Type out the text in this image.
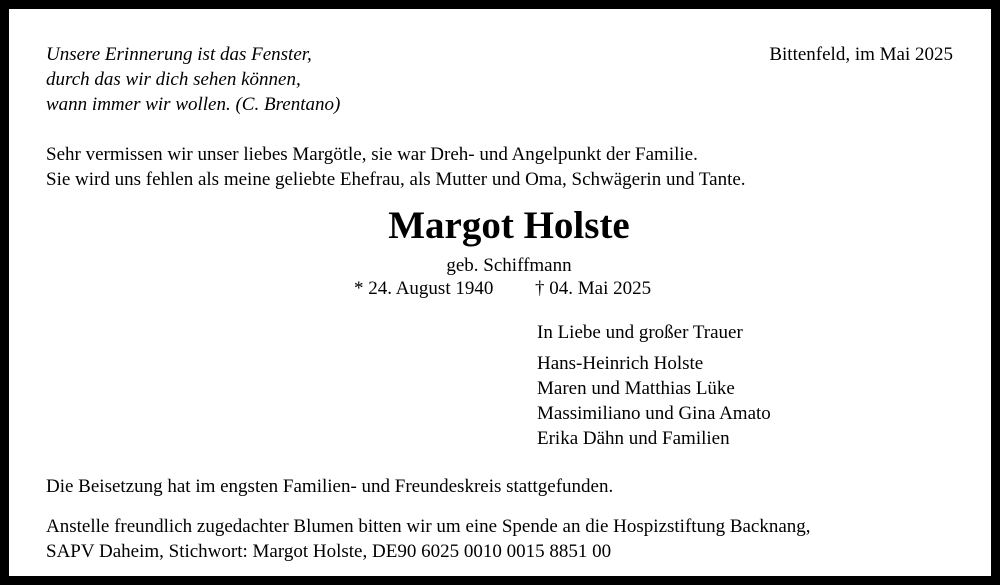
Unsere Erinnerung ist das Fenster,
durch das wir dich sehen können,
wann immer wir wollen. (C. Brentano)
Bittenfeld, im Mai 2025
Sehr vermissen wir unser liebes Margötle, sie war Dreh- und Angelpunkt der Familie.
Sie wird uns fehlen als meine geliebte Ehefrau, als Mutter und Oma, Schwägerin und Tante.
Margot Holste
geb. Schiffmann
* 24. August 1940 † 04. Mai 2025
In Liebe und großer Trauer
Hans-Heinrich Holste
Maren und Matthias Lüke
Massimiliano und Gina Amato
Erika Dähn und Familien
Die Beisetzung hat im engsten Familien- und Freundeskreis stattgefunden.
Anstelle freundlich zugedachter Blumen bitten wir um eine Spende an die Hospizstiftung Backnang,
SAPV Daheim, Stichwort: Margot Holste, DE90 6025 0010 0015 8851 00
